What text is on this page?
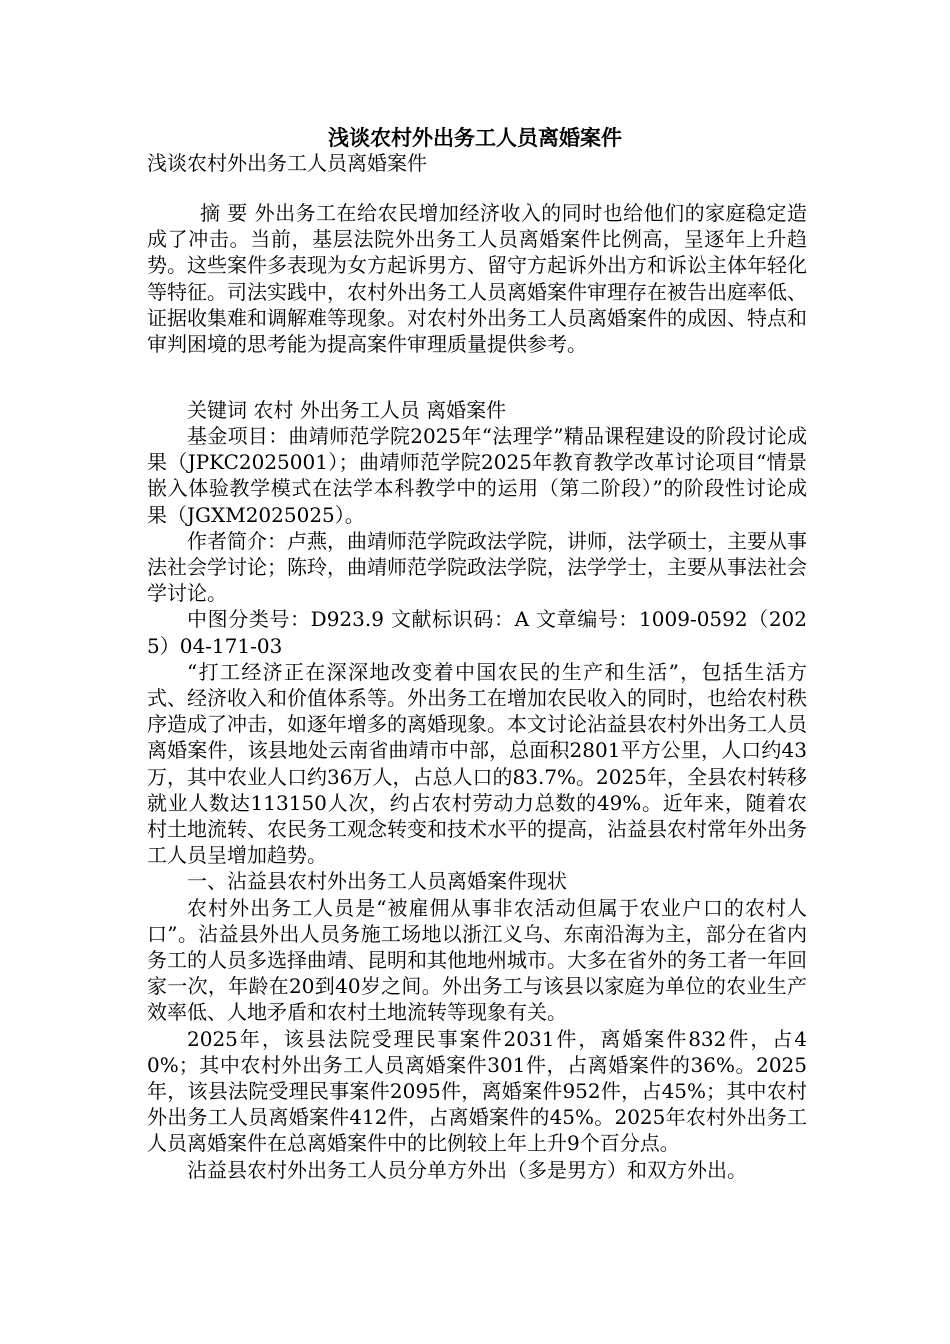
浅谈农村外出务工人员离婚案件

浅谈农村外出务工人员离婚案件

摘 要 外出务工在给农民增加经济收入的同时也给他们的家庭稳定造成了冲击。当前，基层法院外出务工人员离婚案件比例高，呈逐年上升趋势。这些案件多表现为女方起诉男方、留守方起诉外出方和诉讼主体年轻化等特征。司法实践中，农村外出务工人员离婚案件审理存在被告出庭率低、证据收集难和调解难等现象。对农村外出务工人员离婚案件的成因、特点和审判困境的思考能为提高案件审理质量提供参考。

关键词 农村 外出务工人员 离婚案件

基金项目：曲靖师范学院2025年“法理学”精品课程建设的阶段讨论成果（JPKC2025001）；曲靖师范学院2025年教育教学改革讨论项目“情景嵌入体验教学模式在法学本科教学中的运用（第二阶段）”的阶段性讨论成果（JGXM2025025）。

作者简介：卢燕，曲靖师范学院政法学院，讲师，法学硕士，主要从事法社会学讨论；陈玲，曲靖师范学院政法学院，法学学士，主要从事法社会学讨论。

中图分类号：D923.9 文献标识码：A 文章编号：1009-0592（2025）04-171-03

“打工经济正在深深地改变着中国农民的生产和生活”，包括生活方式、经济收入和价值体系等。外出务工在增加农民收入的同时，也给农村秩序造成了冲击，如逐年增多的离婚现象。本文讨论沾益县农村外出务工人员离婚案件，该县地处云南省曲靖市中部，总面积2801平方公里，人口约43万，其中农业人口约36万人，占总人口的83.7%。2025年，全县农村转移就业人数达113150人次，约占农村劳动力总数的49%。近年来，随着农村土地流转、农民务工观念转变和技术水平的提高，沾益县农村常年外出务工人员呈增加趋势。

一、沾益县农村外出务工人员离婚案件现状

农村外出务工人员是“被雇佣从事非农活动但属于农业户口的农村人口”。沾益县外出人员务施工场地以浙江义乌、东南沿海为主，部分在省内务工的人员多选择曲靖、昆明和其他地州城市。大多在省外的务工者一年回家一次，年龄在20到40岁之间。外出务工与该县以家庭为单位的农业生产效率低、人地矛盾和农村土地流转等现象有关。

2025年，该县法院受理民事案件2031件，离婚案件832件，占40%；其中农村外出务工人员离婚案件301件，占离婚案件的36%。2025年，该县法院受理民事案件2095件，离婚案件952件，占45%；其中农村外出务工人员离婚案件412件，占离婚案件的45%。2025年农村外出务工人员离婚案件在总离婚案件中的比例较上年上升9个百分点。

沾益县农村外出务工人员分单方外出（多是男方）和双方外出。
